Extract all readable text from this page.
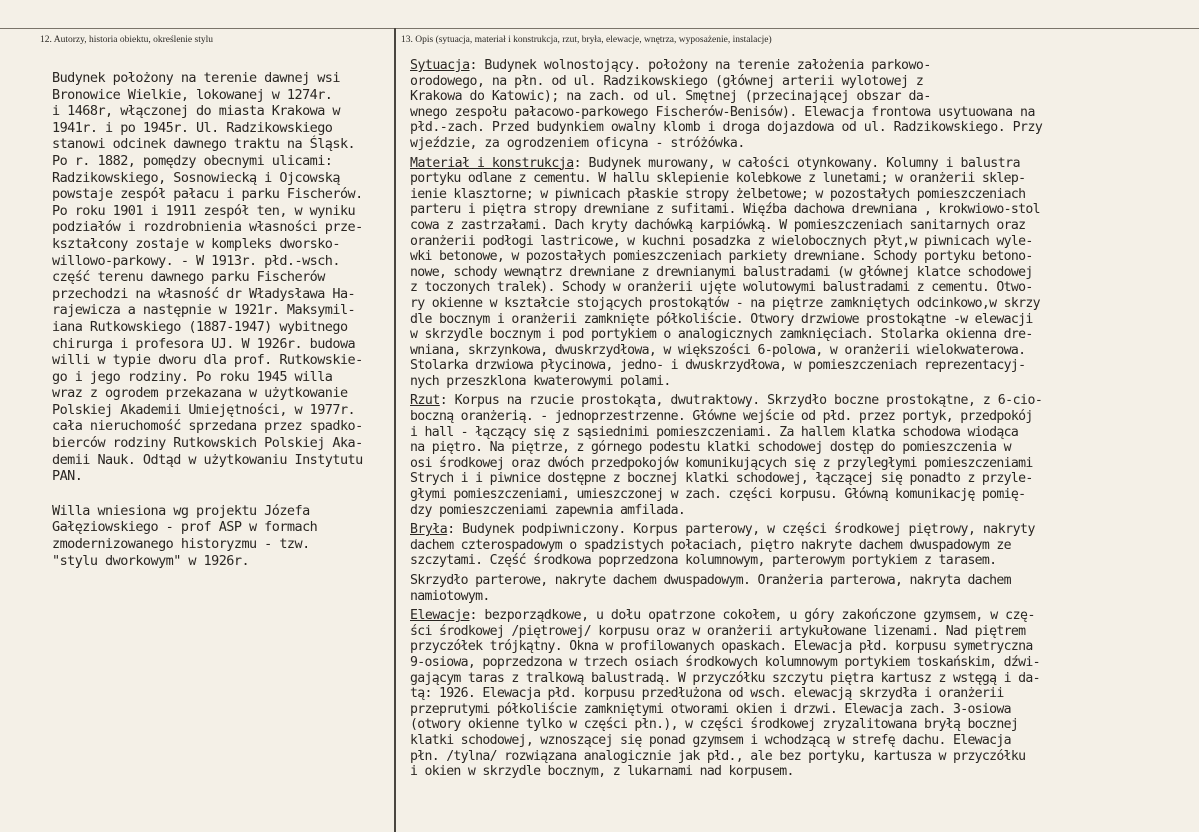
12. Autorzy, historia obiektu, określenie stylu	13. Opis (sytuacja, materiał i konstrukcja, rzut, bryła, elewacje, wnętrza, wyposażenie, instalacje)
Budynek położony na terenie dawnej wsi
Bronowice Wielkie, lokowanej w 1274r.
i 1468r, włączonej do miasta Krakowa w
1941r. i po 1945r. Ul. Radzikowskiego
stanowi odcinek dawnego traktu na Śląsk.
Po r. 1882, pomędzy obecnymi ulicami:
Radzikowskiego, Sosnowiecką i Ojcowską
powstaje zespół pałacu i parku Fischerów.
Po roku 1901 i 1911 zespół ten, w wyniku
podziałów i rozdrobnienia własności prze-
kształcony zostaje w kompleks dworsko-
willowo-parkowy. - W 1913r. płd.-wsch.
część terenu dawnego parku Fischerów
przechodzi na własność dr Władysława Ha-
rajewicza a następnie w 1921r. Maksymil-
iana Rutkowskiego (1887-1947) wybitnego
chirurga i profesora UJ. W 1926r. budowa
willi w typie dworu dla prof. Rutkowskie-
go i jego rodziny. Po roku 1945 willa
wraz z ogrodem przekazana w użytkowanie
Polskiej Akademii Umiejętności, w 1977r.
cała nieruchomość sprzedana przez spadko-
bierców rodziny Rutkowskich Polskiej Aka-
demii Nauk. Odtąd w użytkowaniu Instytutu
PAN.
Willa wniesiona wg projektu Józefa
Gałęziowskiego - prof ASP w formach
zmodernizowanego historyzmu - tzw.
"stylu dworkowym" w 1926r.
Sytuacja: Budynek wolnostojący. położony na terenie założenia parkowo-
orodowego, na płn. od ul. Radzikowskiego (głównej arterii wylotowej z
Krakowa do Katowic); na zach. od ul. Smętnej (przecinającej obszar da-
wnego zespołu pałacowo-parkowego Fischerów-Benisów). Elewacja frontowa usytuowana na
płd.-zach. Przed budynkiem owalny klomb i droga dojazdowa od ul. Radzikowskiego. Przy
wjeździe, za ogrodzeniem oficyna - stróżówka.
Materiał i konstrukcja: Budynek murowany, w całości otynkowany. Kolumny i balustra
portyku odlane z cementu. W hallu sklepienie kolebkowe z lunetami; w oranżerii sklep-
ienie klasztorne; w piwnicach płaskie stropy żelbetowe; w pozostałych pomieszczeniach
parteru i piętra stropy drewniane z sufitami. Więźba dachowa drewniana , krokwiowo-stol
cowa z zastrzałami. Dach kryty dachówką karpiówką. W pomieszczeniach sanitarnych oraz
oranżerii podłogi lastricowe, w kuchni posadzka z wielobocznych płyt,w piwnicach wyle-
wki betonowe, w pozostałych pomieszczeniach parkiety drewniane. Schody portyku betono-
nowe, schody wewnątrz drewniane z drewnianymi balustradami (w głównej klatce schodowej
z toczonych tralek). Schody w oranżerii ujęte wolutowymi balustradami z cementu. Otwo-
ry okienne w kształcie stojących prostokątów - na piętrze zamkniętych odcinkowo,w skrzy
dle bocznym i oranżerii zamknięte półkoliście. Otwory drzwiowe prostokątne -w elewacji
w skrzydle bocznym i pod portykiem o analogicznych zamknięciach. Stolarka okienna dre-
wniana, skrzynkowa, dwuskrzydłowa, w większości 6-polowa, w oranżerii wielokwaterowa.
Stolarka drzwiowa płycinowa, jedno- i dwuskrzydłowa, w pomieszczeniach reprezentacyj-
nych przeszklona kwaterowymi polami.
Rzut: Korpus na rzucie prostokąta, dwutraktowy. Skrzydło boczne prostokątne, z 6-cio-
boczną oranżerią. - jednoprzestrzenne. Główne wejście od płd. przez portyk, przedpokój
i hall - łączący się z sąsiednimi pomieszczeniami. Za hallem klatka schodowa wiodąca
na piętro. Na piętrze, z górnego podestu klatki schodowej dostęp do pomieszczenia w
osi środkowej oraz dwóch przedpokojów komunikujących się z przyległymi pomieszczeniami
Strych i i piwnice dostępne z bocznej klatki schodowej, łączącej się ponadto z przyle-
głymi pomieszczeniami, umieszczonej w zach. części korpusu. Główną komunikację pomię-
dzy pomieszczeniami zapewnia amfilada.
Bryła: Budynek podpiwniczony. Korpus parterowy, w części środkowej piętrowy, nakryty
dachem czterospadowym o spadzistych połaciach, piętro nakryte dachem dwuspadowym ze
szczytami. Część środkowa poprzedzona kolumnowym, parterowym portykiem z tarasem.
Skrzydło parterowe, nakryte dachem dwuspadowym. Oranżeria parterowa, nakryta dachem
namiotowym.
Elewacje: bezporządkowe, u dołu opatrzone cokołem, u góry zakończone gzymsem, w czę-
ści środkowej /piętrowej/ korpusu oraz w oranżerii artykułowane lizenami. Nad piętrem
przyczółek trójkątny. Okna w profilowanych opaskach. Elewacja płd. korpusu symetryczna
9-osiowa, poprzedzona w trzech osiach środkowych kolumnowym portykiem toskańskim, dźwi-
gającym taras z tralkową balustradą. W przyczółku szczytu piętra kartusz z wstęgą i da-
tą: 1926. Elewacja płd. korpusu przedłużona od wsch. elewacją skrzydła i oranżerii
przeprutymi półkoliście zamkniętymi otworami okien i drzwi. Elewacja zach. 3-osiowa
(otwory okienne tylko w części płn.), w części środkowej zryzalitowana bryłą bocznej
klatki schodowej, wznoszącej się ponad gzymsem i wchodzącą w strefę dachu. Elewacja
płn. /tylna/ rozwiązana analogicznie jak płd., ale bez portyku, kartusza w przyczółku
i okien w skrzydle bocznym, z lukarnami nad korpusem.
